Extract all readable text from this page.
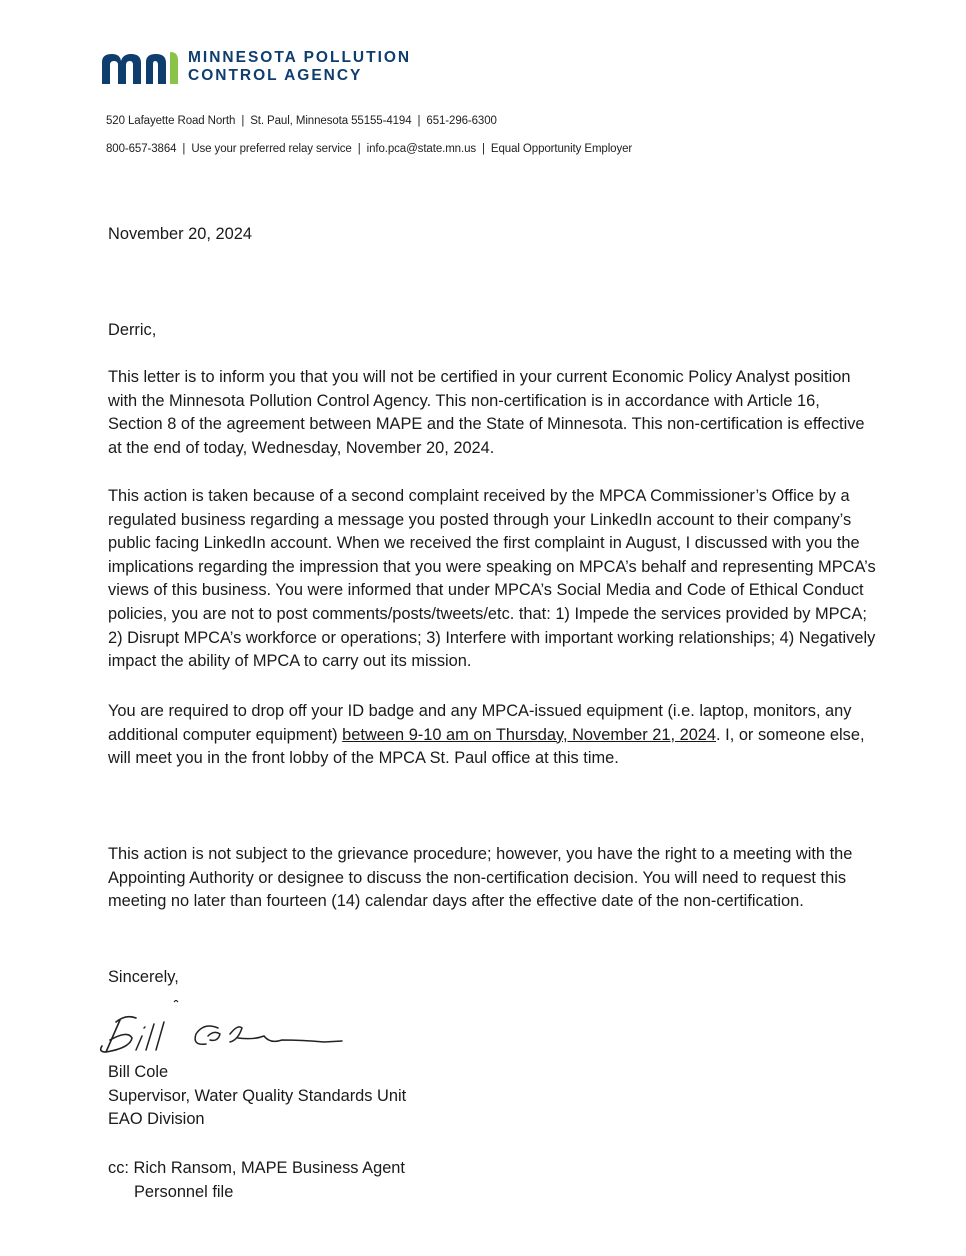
MINNESOTA POLLUTION
CONTROL AGENCY
520 Lafayette Road North | St. Paul, Minnesota 55155-4194 | 651-296-6300
800-657-3864 | Use your preferred relay service | info.pca@state.mn.us | Equal Opportunity Employer

November 20, 2024

Derric,

This letter is to inform you that you will not be certified in your current Economic Policy Analyst position with the Minnesota Pollution Control Agency. This non-certification is in accordance with Article 16, Section 8 of the agreement between MAPE and the State of Minnesota. This non-certification is effective at the end of today, Wednesday, November 20, 2024.

This action is taken because of a second complaint received by the MPCA Commissioner’s Office by a regulated business regarding a message you posted through your LinkedIn account to their company’s public facing LinkedIn account. When we received the first complaint in August, I discussed with you the implications regarding the impression that you were speaking on MPCA’s behalf and representing MPCA’s views of this business. You were informed that under MPCA’s Social Media and Code of Ethical Conduct policies, you are not to post comments/posts/tweets/etc. that: 1) Impede the services provided by MPCA; 2) Disrupt MPCA’s workforce or operations; 3) Interfere with important working relationships; 4) Negatively impact the ability of MPCA to carry out its mission.

You are required to drop off your ID badge and any MPCA-issued equipment (i.e. laptop, monitors, any additional computer equipment) between 9-10 am on Thursday, November 21, 2024. I, or someone else, will meet you in the front lobby of the MPCA St. Paul office at this time.

This action is not subject to the grievance procedure; however, you have the right to a meeting with the Appointing Authority or designee to discuss the non-certification decision. You will need to request this meeting no later than fourteen (14) calendar days after the effective date of the non-certification.

Sincerely,

Bill Cole
Supervisor, Water Quality Standards Unit
EAO Division
cc: Rich Ransom, MAPE Business Agent
Personnel file
